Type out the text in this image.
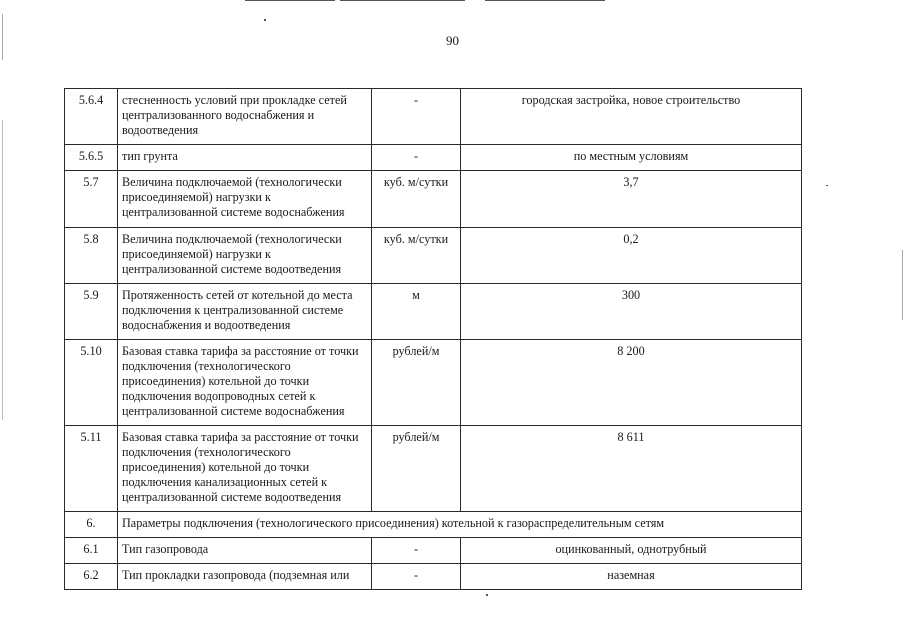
90
5.6.4	стесненность условий при прокладке сетей централизованного водоснабжения и водоотведения	-	городская застройка, новое строительство
5.6.5	тип грунта	-	по местным условиям
5.7	Величина подключаемой (технологически присоединяемой) нагрузки к централизованной системе водоснабжения	куб. м/сутки	3,7
5.8	Величина подключаемой (технологически присоединяемой) нагрузки к централизованной системе водоотведения	куб. м/сутки	0,2
5.9	Протяженность сетей от котельной до места подключения к централизованной системе водоснабжения и водоотведения	м	300
5.10	Базовая ставка тарифа за расстояние от точки подключения (технологического присоединения) котельной до точки подключения водопроводных сетей к централизованной системе водоснабжения	рублей/м	8 200
5.11	Базовая ставка тарифа за расстояние от точки подключения (технологического присоединения) котельной до точки подключения канализационных сетей к централизованной системе водоотведения	рублей/м	8 611
6.	Параметры подключения (технологического присоединения) котельной к газораспределительным сетям		
6.1	Тип газопровода	-	оцинкованный, однотрубный
6.2	Тип прокладки газопровода (подземная или	-	наземная
